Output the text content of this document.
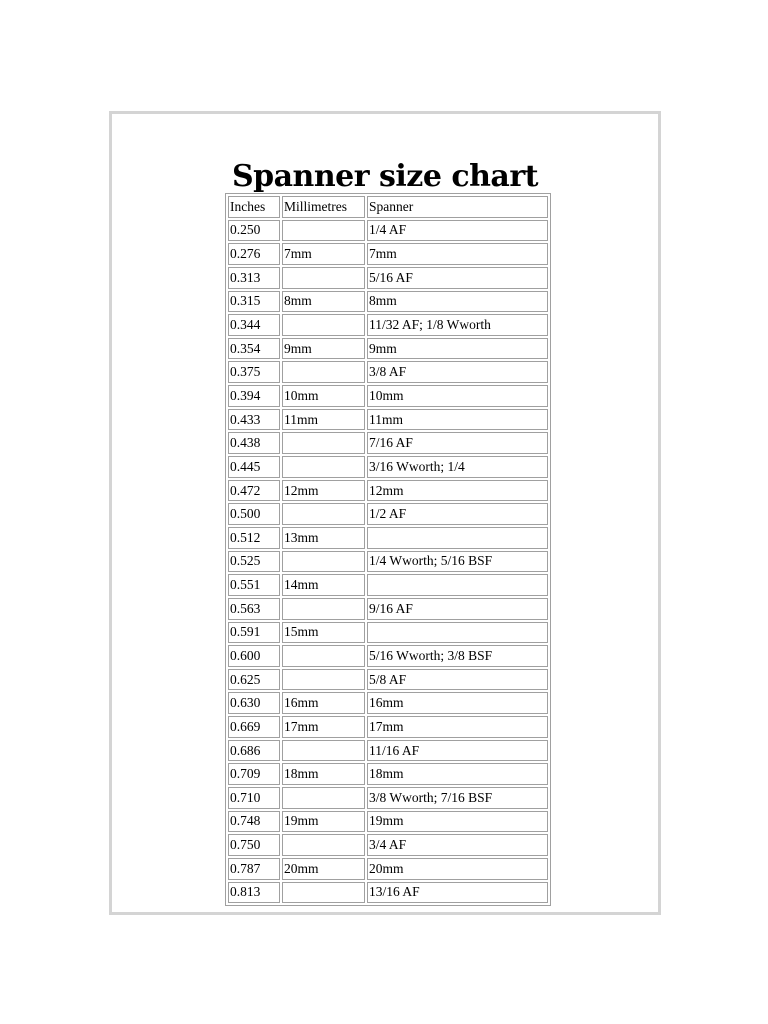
Spanner size chart
Inches	Millimetres	Spanner
0.250		1/4 AF
0.276	7mm	7mm
0.313		5/16 AF
0.315	8mm	8mm
0.344		11/32 AF; 1/8 Wworth
0.354	9mm	9mm
0.375		3/8 AF
0.394	10mm	10mm
0.433	11mm	11mm
0.438		7/16 AF
0.445		3/16 Wworth; 1/4
0.472	12mm	12mm
0.500		1/2 AF
0.512	13mm	
0.525		1/4 Wworth; 5/16 BSF
0.551	14mm	
0.563		9/16 AF
0.591	15mm	
0.600		5/16 Wworth; 3/8 BSF
0.625		5/8 AF
0.630	16mm	16mm
0.669	17mm	17mm
0.686		11/16 AF
0.709	18mm	18mm
0.710		3/8 Wworth; 7/16 BSF
0.748	19mm	19mm
0.750		3/4 AF
0.787	20mm	20mm
0.813		13/16 AF
